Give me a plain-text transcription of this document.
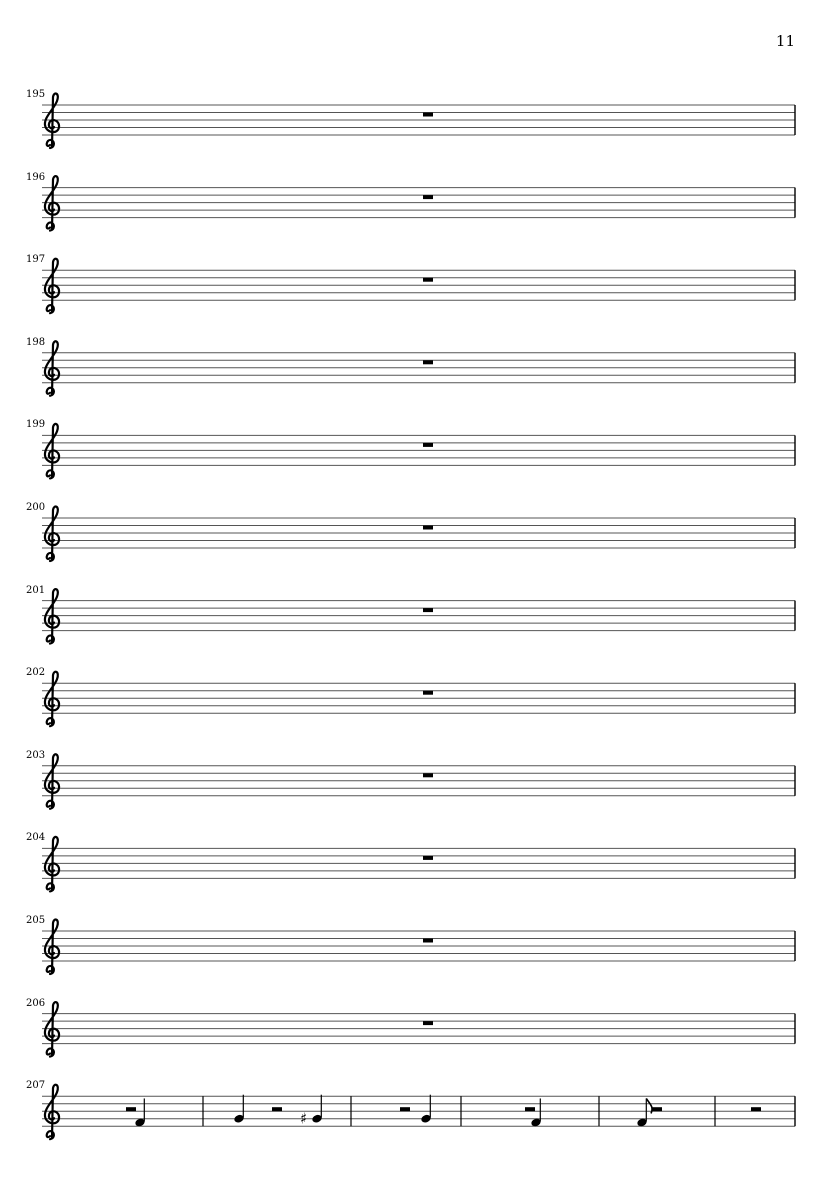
11
195
196
197
198
199
200
201
202
203
204
205
206
207
♯
